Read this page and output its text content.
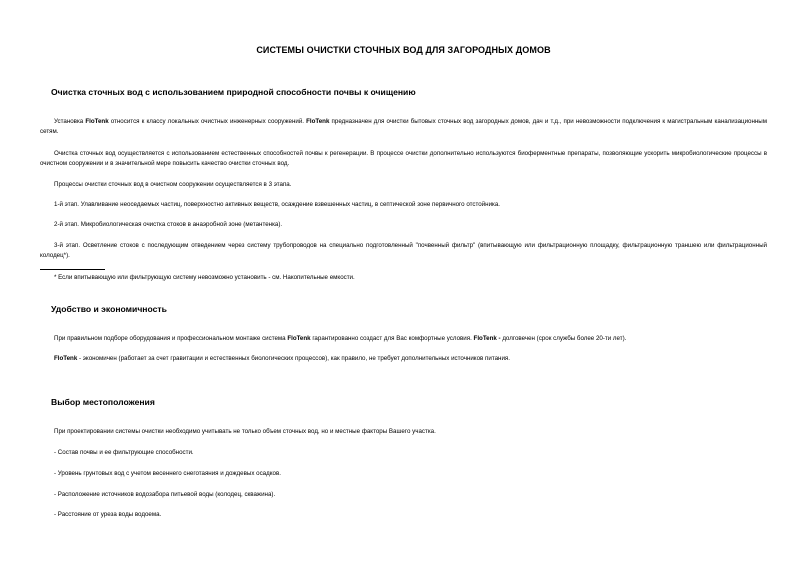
СИСТЕМЫ ОЧИСТКИ СТОЧНЫХ ВОД ДЛЯ ЗАГОРОДНЫХ ДОМОВ
Очистка сточных вод с использованием природной способности почвы к очищению
Установка FloTenk относится к классу локальных очистных инженерных сооружений. FloTenk предназначен для очистки бытовых сточных вод загородных домов, дач и т.д., при невозможности подключения к магистральным канализационным сетям.
Очистка сточных вод осуществляется с использованием естественных способностей почвы к регенерации. В процессе очистки дополнительно используются биоферментные препараты, позволяющие ускорить микробиологические процессы в очистном сооружении и в значительной мере повысить качество очистки сточных вод.
Процессы очистки сточных вод в очистном сооружении осуществляется в 3 этапа.
1-й этап. Улавливание неоседаемых частиц, поверхностно активных веществ, осаждение взвешенных частиц, в септической зоне первичного отстойника.
2-й этап. Микробиологическая очистка стоков в анаэробной зоне (метантенка).
3-й этап. Осветление стоков с последующим отведением через систему трубопроводов на специально подготовленный "почвенный фильтр" (впитывающую или фильтрационную площадку, фильтрационную траншею или фильтрационный колодец*).
* Если впитывающую или фильтрующую систему невозможно установить - см. Накопительные емкости.
Удобство и экономичность
При правильном подборе оборудования и профессиональном монтаже система FloTenk гарантированно создаст для Вас комфортные условия. FloTenk - долговечен (срок службы более 20-ти лет).
FloTenk - экономичен (работает за счет гравитации и естественных биологических процессов), как правило, не требует дополнительных источников питания.
Выбор местоположения
При проектировании системы очистки необходимо учитывать не только объем сточных вод, но и местные факторы Вашего участка.
- Состав почвы и ее фильтрующие способности.
- Уровень грунтовых вод с учетом весеннего снеготаяния и дождевых осадков.
- Расположение источников водозабора питьевой воды (колодец, скважина).
- Расстояние от уреза воды водоема.
